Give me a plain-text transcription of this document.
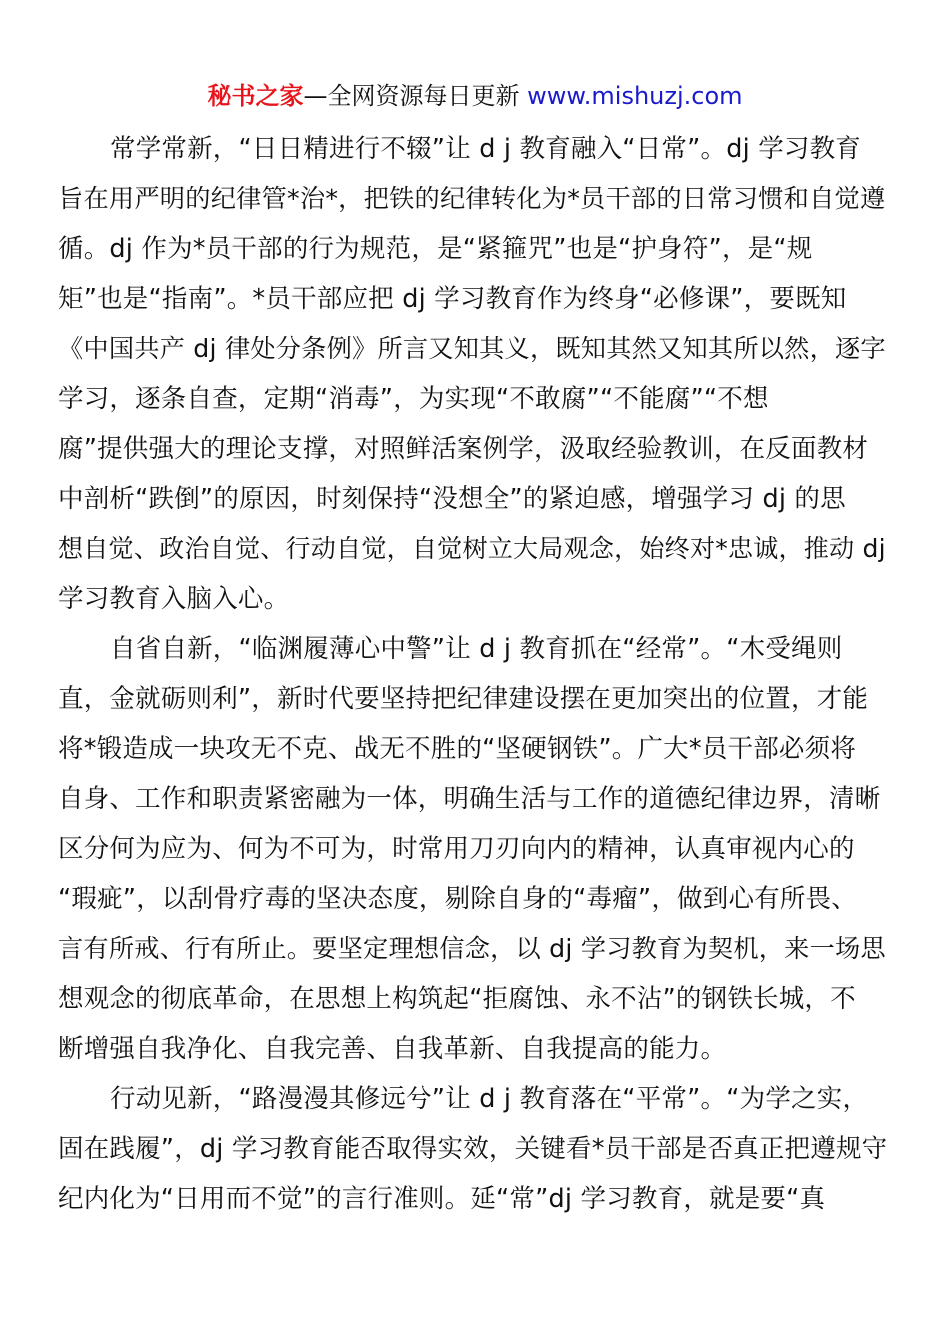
秘书之家—全网资源每日更新 www.mishuzj.com
常学常新，“日日精进行不辍”让 d j 教育融入“日常”。dj 学习教育
旨在用严明的纪律管*治*，把铁的纪律转化为*员干部的日常习惯和自觉遵
循。dj 作为*员干部的行为规范，是“紧箍咒”也是“护身符”，是“规
矩”也是“指南”。*员干部应把 dj 学习教育作为终身“必修课”，要既知
《中国共产 dj 律处分条例》所言又知其义，既知其然又知其所以然，逐字
学习，逐条自查，定期“消毒”，为实现“不敢腐”“不能腐”“不想
腐”提供强大的理论支撑，对照鲜活案例学，汲取经验教训，在反面教材
中剖析“跌倒”的原因，时刻保持“没想全”的紧迫感，增强学习 dj 的思
想自觉、政治自觉、行动自觉，自觉树立大局观念，始终对*忠诚，推动 dj
学习教育入脑入心。
自省自新，“临渊履薄心中警”让 d j 教育抓在“经常”。“木受绳则
直，金就砺则利”，新时代要坚持把纪律建设摆在更加突出的位置，才能
将*锻造成一块攻无不克、战无不胜的“坚硬钢铁”。广大*员干部必须将
自身、工作和职责紧密融为一体，明确生活与工作的道德纪律边界，清晰
区分何为应为、何为不可为，时常用刀刃向内的精神，认真审视内心的
“瑕疵”，以刮骨疗毒的坚决态度，剔除自身的“毒瘤”，做到心有所畏、
言有所戒、行有所止。要坚定理想信念，以 dj 学习教育为契机，来一场思
想观念的彻底革命，在思想上构筑起“拒腐蚀、永不沾”的钢铁长城，不
断增强自我净化、自我完善、自我革新、自我提高的能力。
行动见新，“路漫漫其修远兮”让 d j 教育落在“平常”。“为学之实，
固在践履”，dj 学习教育能否取得实效，关键看*员干部是否真正把遵规守
纪内化为“日用而不觉”的言行准则。延“常”dj 学习教育，就是要“真
